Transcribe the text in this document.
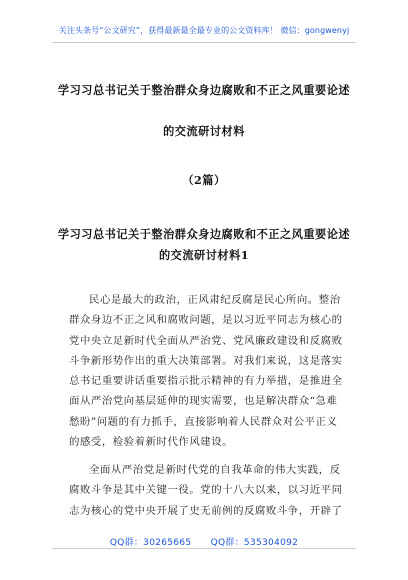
关注头条号“公文研究”，获得最新最全最专业的公文资料库！ 微信：gongwenyj
学习习总书记关于整治群众身边腐败和不正之风重要论述
的交流研讨材料
（2篇）
学习习总书记关于整治群众身边腐败和不正之风重要论述
的交流研讨材料1
民心是最大的政治，正风肃纪反腐是民心所向。整治
群众身边不正之风和腐败问题，是以习近平同志为核心的
党中央立足新时代全面从严治党、党风廉政建设和反腐败
斗争新形势作出的重大决策部署。对我们来说，这是落实
总书记重要讲话重要指示批示精神的有力举措，是推进全
面从严治党向基层延伸的现实需要，也是解决群众“急难
愁盼”问题的有力抓手，直接影响着人民群众对公平正义
的感受，检验着新时代作风建设。
全面从严治党是新时代党的自我革命的伟大实践，反
腐败斗争是其中关键一役。党的十八大以来，以习近平同
志为核心的党中央开展了史无前例的反腐败斗争，开辟了
QQ群：30265665 QQ群：535304092
